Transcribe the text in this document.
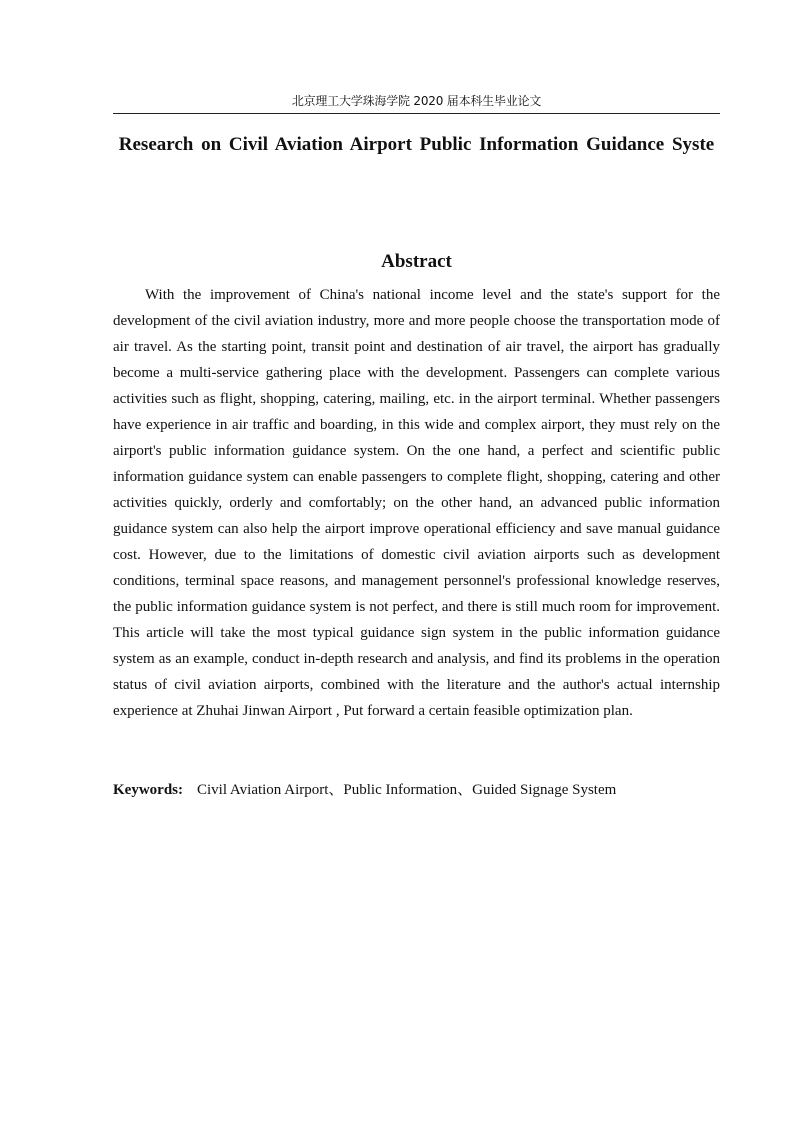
北京理工大学珠海学院 2020 届本科生毕业论文
Research on Civil Aviation Airport Public Information Guidance Syste
Abstract

With the improvement of China's national income level and the state's support for the development of the civil aviation industry, more and more people choose the transportation mode of air travel. As the starting point, transit point and destination of air travel, the airport has gradually become a multi-service gathering place with the development. Passengers can complete various activities such as flight, shopping, catering, mailing, etc. in the airport terminal. Whether passengers have experience in air traffic and boarding, in this wide and complex airport, they must rely on the airport's public information guidance system. On the one hand, a perfect and scientific public information guidance system can enable passengers to complete flight, shopping, catering and other activities quickly, orderly and comfortably; on the other hand, an advanced public information guidance system can also help the airport improve operational efficiency and save manual guidance cost. However, due to the limitations of domestic civil aviation airports such as development conditions, terminal space reasons, and management personnel's professional knowledge reserves, the public information guidance system is not perfect, and there is still much room for improvement. This article will take the most typical guidance sign system in the public information guidance system as an example, conduct in-depth research and analysis, and find its problems in the operation status of civil aviation airports, combined with the literature and the author's actual internship experience at Zhuhai Jinwan Airport , Put forward a certain feasible optimization plan.

Keywords: Civil Aviation Airport、Public Information、Guided Signage System
